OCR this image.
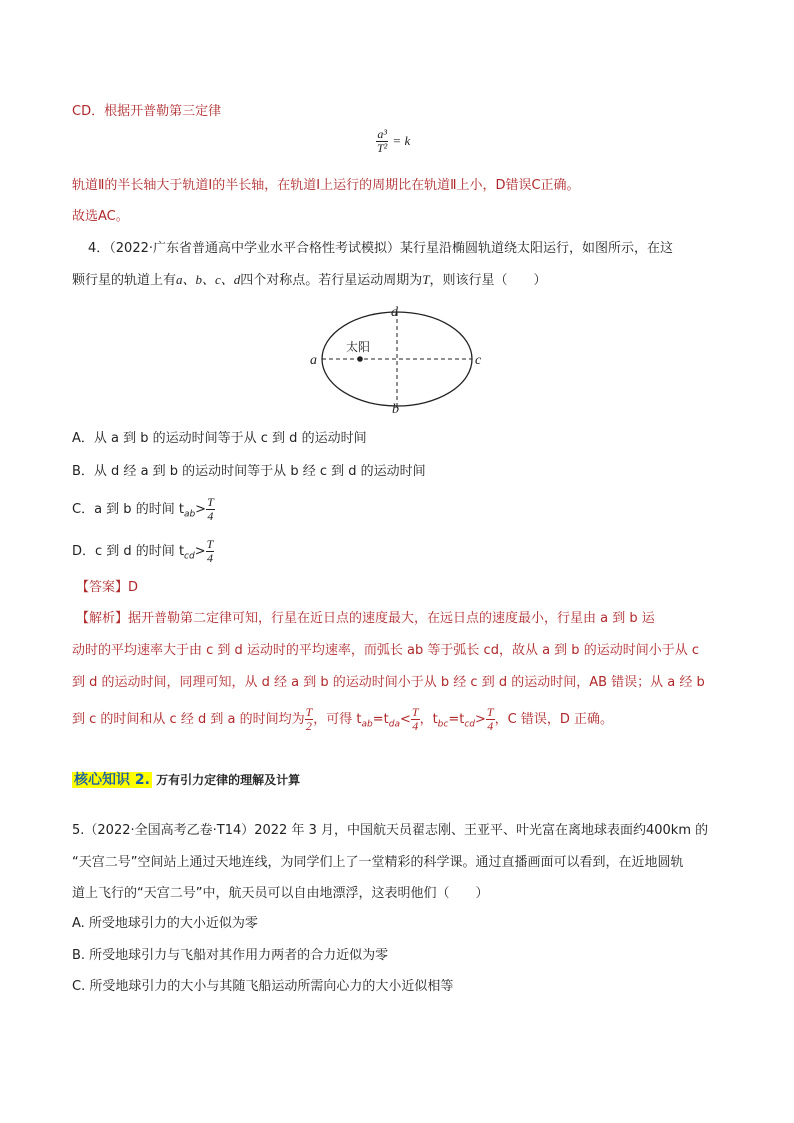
CD．根据开普勒第三定律
$\frac{\text{a³}}{\text{T²}} = k$
轨道Ⅱ的半长轴大于轨道Ⅰ的半长轴，在轨道Ⅰ上运行的周期比在轨道Ⅱ上小，D错误C正确。
故选AC。
4．（2022·广东省普通高中学业水平合格性考试模拟）某行星沿椭圆轨道绕太阳运行，如图所示，在这
颗行星的轨道上有a、b、c、d四个对称点。若行星运动周期为T，则该行星（　　）
太阳
a	c
d
b
A．从 a 到 b 的运动时间等于从 c 到 d 的运动时间
B．从 d 经 a 到 b 的运动时间等于从 b 经 c 到 d 的运动时间
C．a 到 b 的时间 $t_{ab}> \frac{T}{4}$
D．c 到 d 的时间 $t_{cd}> \frac{T}{4}$
【答案】D
【解析】据开普勒第二定律可知，行星在近日点的速度最大，在远日点的速度最小，行星由 a 到 b 运
动时的平均速率大于由 c 到 d 运动时的平均速率，而弧长 ab 等于弧长 cd，故从 a 到 b 的运动时间小于从 c
到 d 的运动时间，同理可知，从 d 经 a 到 b 的运动时间小于从 b 经 c 到 d 的运动时间，AB 错误；从 a 经 b
到 c 的时间和从 c 经 d 到 a 的时间均为 $\frac{T}{2}$ ，可得 $t_{ab}=t_{da}< \frac{T}{4}$ ，$t_{bc}=t_{cd}> \frac{T}{4}$ ，C 错误，D 正确。
核心知识 2. 万有引力定律的理解及计算
5.（2022·全国高考乙卷·T14）2022 年 3 月，中国航天员翟志刚、王亚平、叶光富在离地球表面约400km 的
“天宫二号”空间站上通过天地连线，为同学们上了一堂精彩的科学课。通过直播画面可以看到，在近地圆轨
道上飞行的“天宫二号”中，航天员可以自由地漂浮，这表明他们（　　）
A. 所受地球引力的大小近似为零
B. 所受地球引力与飞船对其作用力两者的合力近似为零
C. 所受地球引力的大小与其随飞船运动所需向心力的大小近似相等
